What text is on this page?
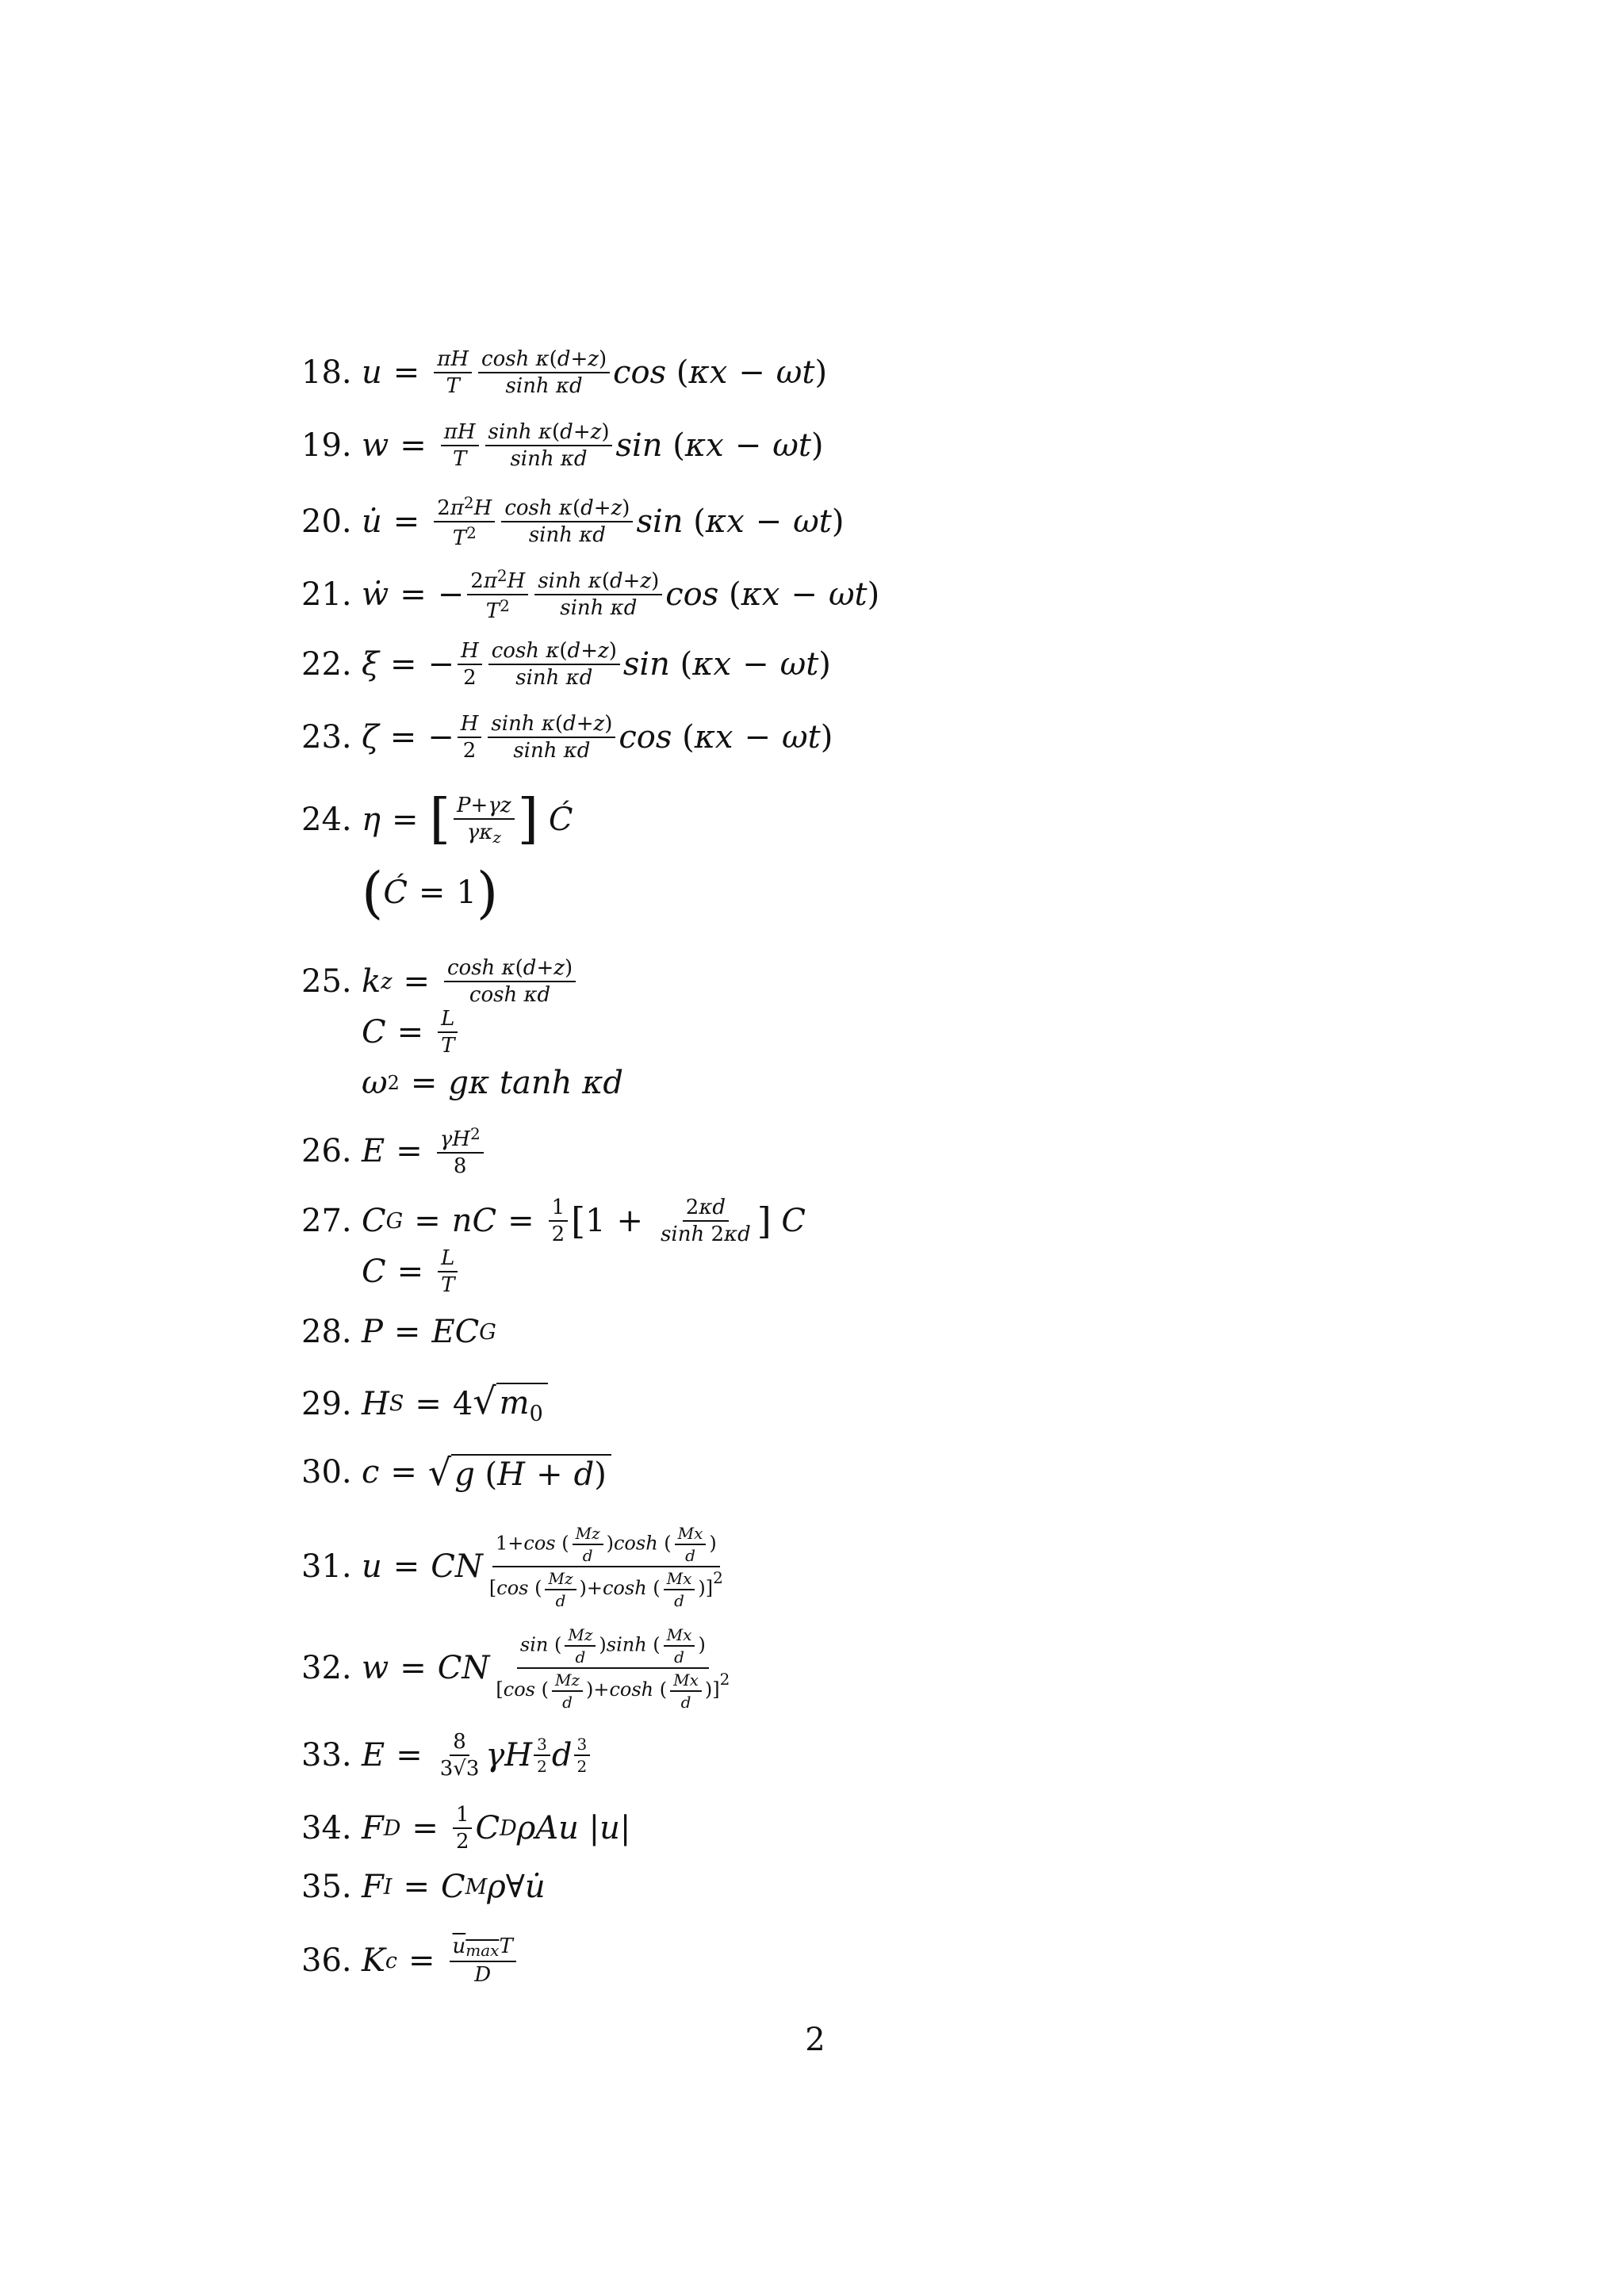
18. $u = \frac{\pi H}{T} \frac{\text{cosh κ(d+z)}}{\text{sinh κd}}$ cos ( κx − ωt )
19. $w = \frac{\pi H}{T} \frac{\text{sinh κ(d+z)}}{\text{sinh κd}}$ sin ( κx − ωt )
20. u̇ = $\frac{2\pi^2H}{T^2} \frac{\text{cosh κ(d+z)}}{\text{sinh κd}}$ sin ( κx − ωt )
21. ẇ = − $\frac{2\pi^2H}{T^2} \frac{\text{sinh κ(d+z)}}{\text{sinh κd}}$ cos ( κx − ωt )
22. ξ = − $\frac{H}{2} \frac{\text{cosh κ(d+z)}}{\text{sinh κd}}$ sin ( κx − ωt )
23. ζ = − $\frac{H}{2} \frac{\text{sinh κ(d+z)}}{\text{sinh κd}}$ cos ( κx − ωt )
24. η = [ $\frac{P+\gamma z}{\text{γκz}}$ ]
Ć
( Ć = 1 )
25. k $z = \frac{\text{cosh κ(d+z)}}{\text{cosh κd}}$
$C = \frac{L}{T}$
ω 2 = gκ tanh κd
26. $E = \frac{\gamma H^2}{8}$
27. C G = nC = $\frac{1}{2}$ [ $1 + \frac{2\kappa d}{\sinh 2\kappa d}$ ]
C
$C = \frac{L}{T}$
28. P = EC G
29. H S = 4 √ $m_0$
30. c = √ g (H + d)
31. u = CN $\frac{1+\cos ( \frac{Mz}{d} )\cosh ( \frac{Mx}{d} )}{[\cos ( \frac{Mz}{d} )+\cosh ( \frac{Mx}{d} )]^2}$
32. w = CN $\frac{\sin ( \frac{Mz}{d} )\sinh ( \frac{Mx}{d} )}{[\cos ( \frac{Mz}{d} )+\cosh ( \frac{Mx}{d} )]^2}$
33. $E = \frac{8}{3√3}$ γH $\frac{3}{2}$ d $\frac{3}{2}$
34. F $D = \frac{1}{2}$ C D ρAu | u |
35. F I = C M ρ ∀ u̇
36. K $c = \frac{umaxT}{D}$
2
